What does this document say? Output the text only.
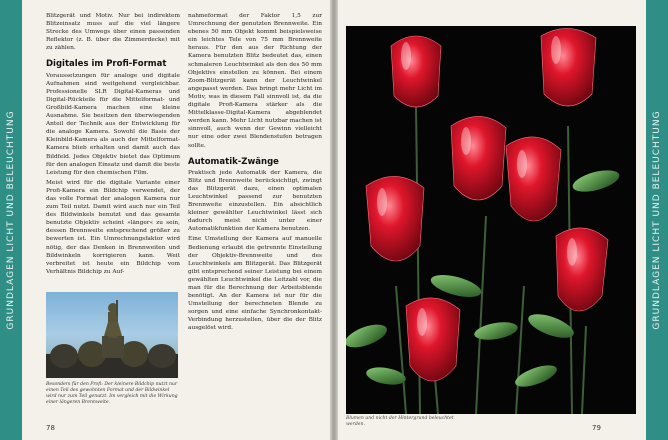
GRUNDLAGEN LICHT UND BELEUCHTUNG

Blitzgerät und Motiv. Nur bei indirektem Blitzeinsatz muss auf die viel längere Strecke des Umwegs über einen passenden Reflektor (z. B. über die Zimmerdecke) mit zu zählen.

Digitales im Profi-Format

Voraussetzungen für analoge und digitale Aufnahmen sind weitgehend vergleichbar. Professionelle SLR Digital-Kameras und Digital-Rückteile für die Mittelformat- und Großbild-Kamera machen eine kleine Ausnahme. Sie besitzen den überwiegenden Anteil der Technik aus der Entwicklung für die analoge Kamera. Sowohl die Basis der Kleinbild-Kamera als auch der Mittelformat-Kamera blieb erhalten und damit auch das Bildfeld. Jedes Objektiv bietet das Optimum für den analogen Einsatz und damit die beste Leistung für den chemischen Film.

Meist wird für die digitale Variante einer Profi-Kamera ein Bildchip verwendet, der das volle Format der analogen Kamera nur zum Teil nutzt. Damit wird auch nur ein Teil des Bildwinkels benutzt und das gesamte benutzte Objektiv scheint »länger« zu sein, dessen Brennweite entsprechend größer zu bewerten ist. Ein Umrechnungsfaktor wird nötig, der das Denken in Brennweiten und Bildwinkeln korrigieren kann. Weit verbreitet ist heute ein Bildchip vom Verhältnis Bildchip zu Auf-

Besonders für den Profi: Der kleinere Bildchip nutzt nur einen Teil des gewohnten Format und der Bildwinkel wird nur zum Teil genutzt. Im vergleich mit die Wirkung einer längeren Brennweite.

nahmeformat der Faktor 1,5 zur Umrechnung der genutzten Brennweite. Ein ebenes 50 mm Objekt kommt beispielsweise ein leichtes Tele von 75 mm Brennweite heraus. Für den aus der Richtung der Kamera benutzten Blitz bedeutet das, einen schmaleren Leuchtwinkel als den des 50 mm Objektivs einstellen zu können. Bei einem Zoom-Blitzgerät kann der Leuchtwinkel angepasst werden. Das bringt mehr Licht im Motiv, was in diesem Fall sinnvoll ist, da die digitale Profi-Kamera stärker als die Mittelklasse-Digital-Kamera abgeblendet werden kann. Mehr Licht nutzbar machen ist sinnvoll, auch wenn der Gewinn vielleicht nur eine oder zwei Blendenstufen betragen sollte.

Automatik-Zwänge

Praktisch jede Automatik der Kamera, die Blitz und Brennweite berücksichtigt, zwingt das Blitzgerät dazu, einen optimalen Leuchtwinkel passend zur benutzten Brennweite einzustellen. Ein absichtlich kleiner gewählter Leuchtwinkel lässt sich dadurch meist nicht unter einer Automatikfunktion der Kamera benutzen.

Eine Umstellung der Kamera auf manuelle Bedienung erlaubt die getrennte Einstellung der Objektiv-Brennweite und des Leuchtwinkels am Blitzgerät. Das Blitzgerät gibt entsprechend seiner Leistung bei einem gewählten Leuchtwinkel die Leitzahl vor, die man für die Berechnung der Arbeitsblende benötigt. An der Kamera ist nur für die Umstellung der berechneten Blende zu sorgen und eine einfache Synchronkontakt-Verbindung herzustellen, über die der Blitz ausgelöst wird.

78
GRUNDLAGEN LICHT UND BELEUCHTUNG
Blumen und nicht der Hintergrund beleuchtet werden.	79
